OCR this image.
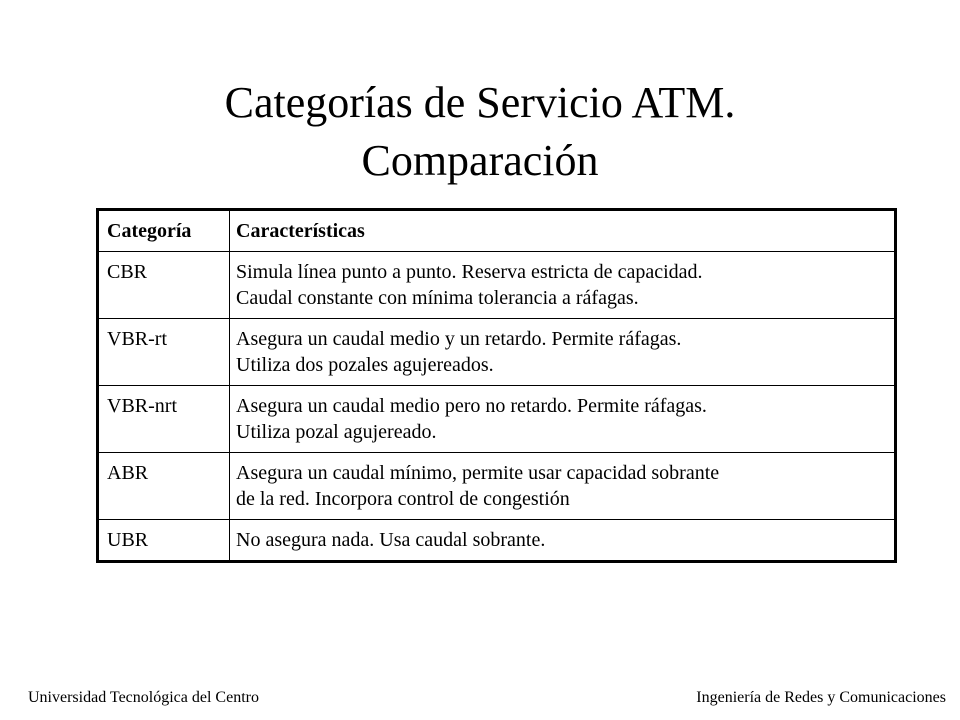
Categorías de Servicio ATM.
Comparación
Categoría	Características
CBR	Simula línea punto a punto. Reserva estricta de capacidad.
Caudal constante con mínima tolerancia a ráfagas.

VBR-rt	Asegura un caudal medio y un retardo. Permite ráfagas.
Utiliza dos pozales agujereados.

VBR-nrt	Asegura un caudal medio pero no retardo. Permite ráfagas.
Utiliza pozal agujereado.

ABR	Asegura un caudal mínimo, permite usar capacidad sobrante
de la red. Incorpora control de congestión

UBR	No asegura nada. Usa caudal sobrante.
Universidad Tecnológica del Centro	Ingeniería de Redes y Comunicaciones
